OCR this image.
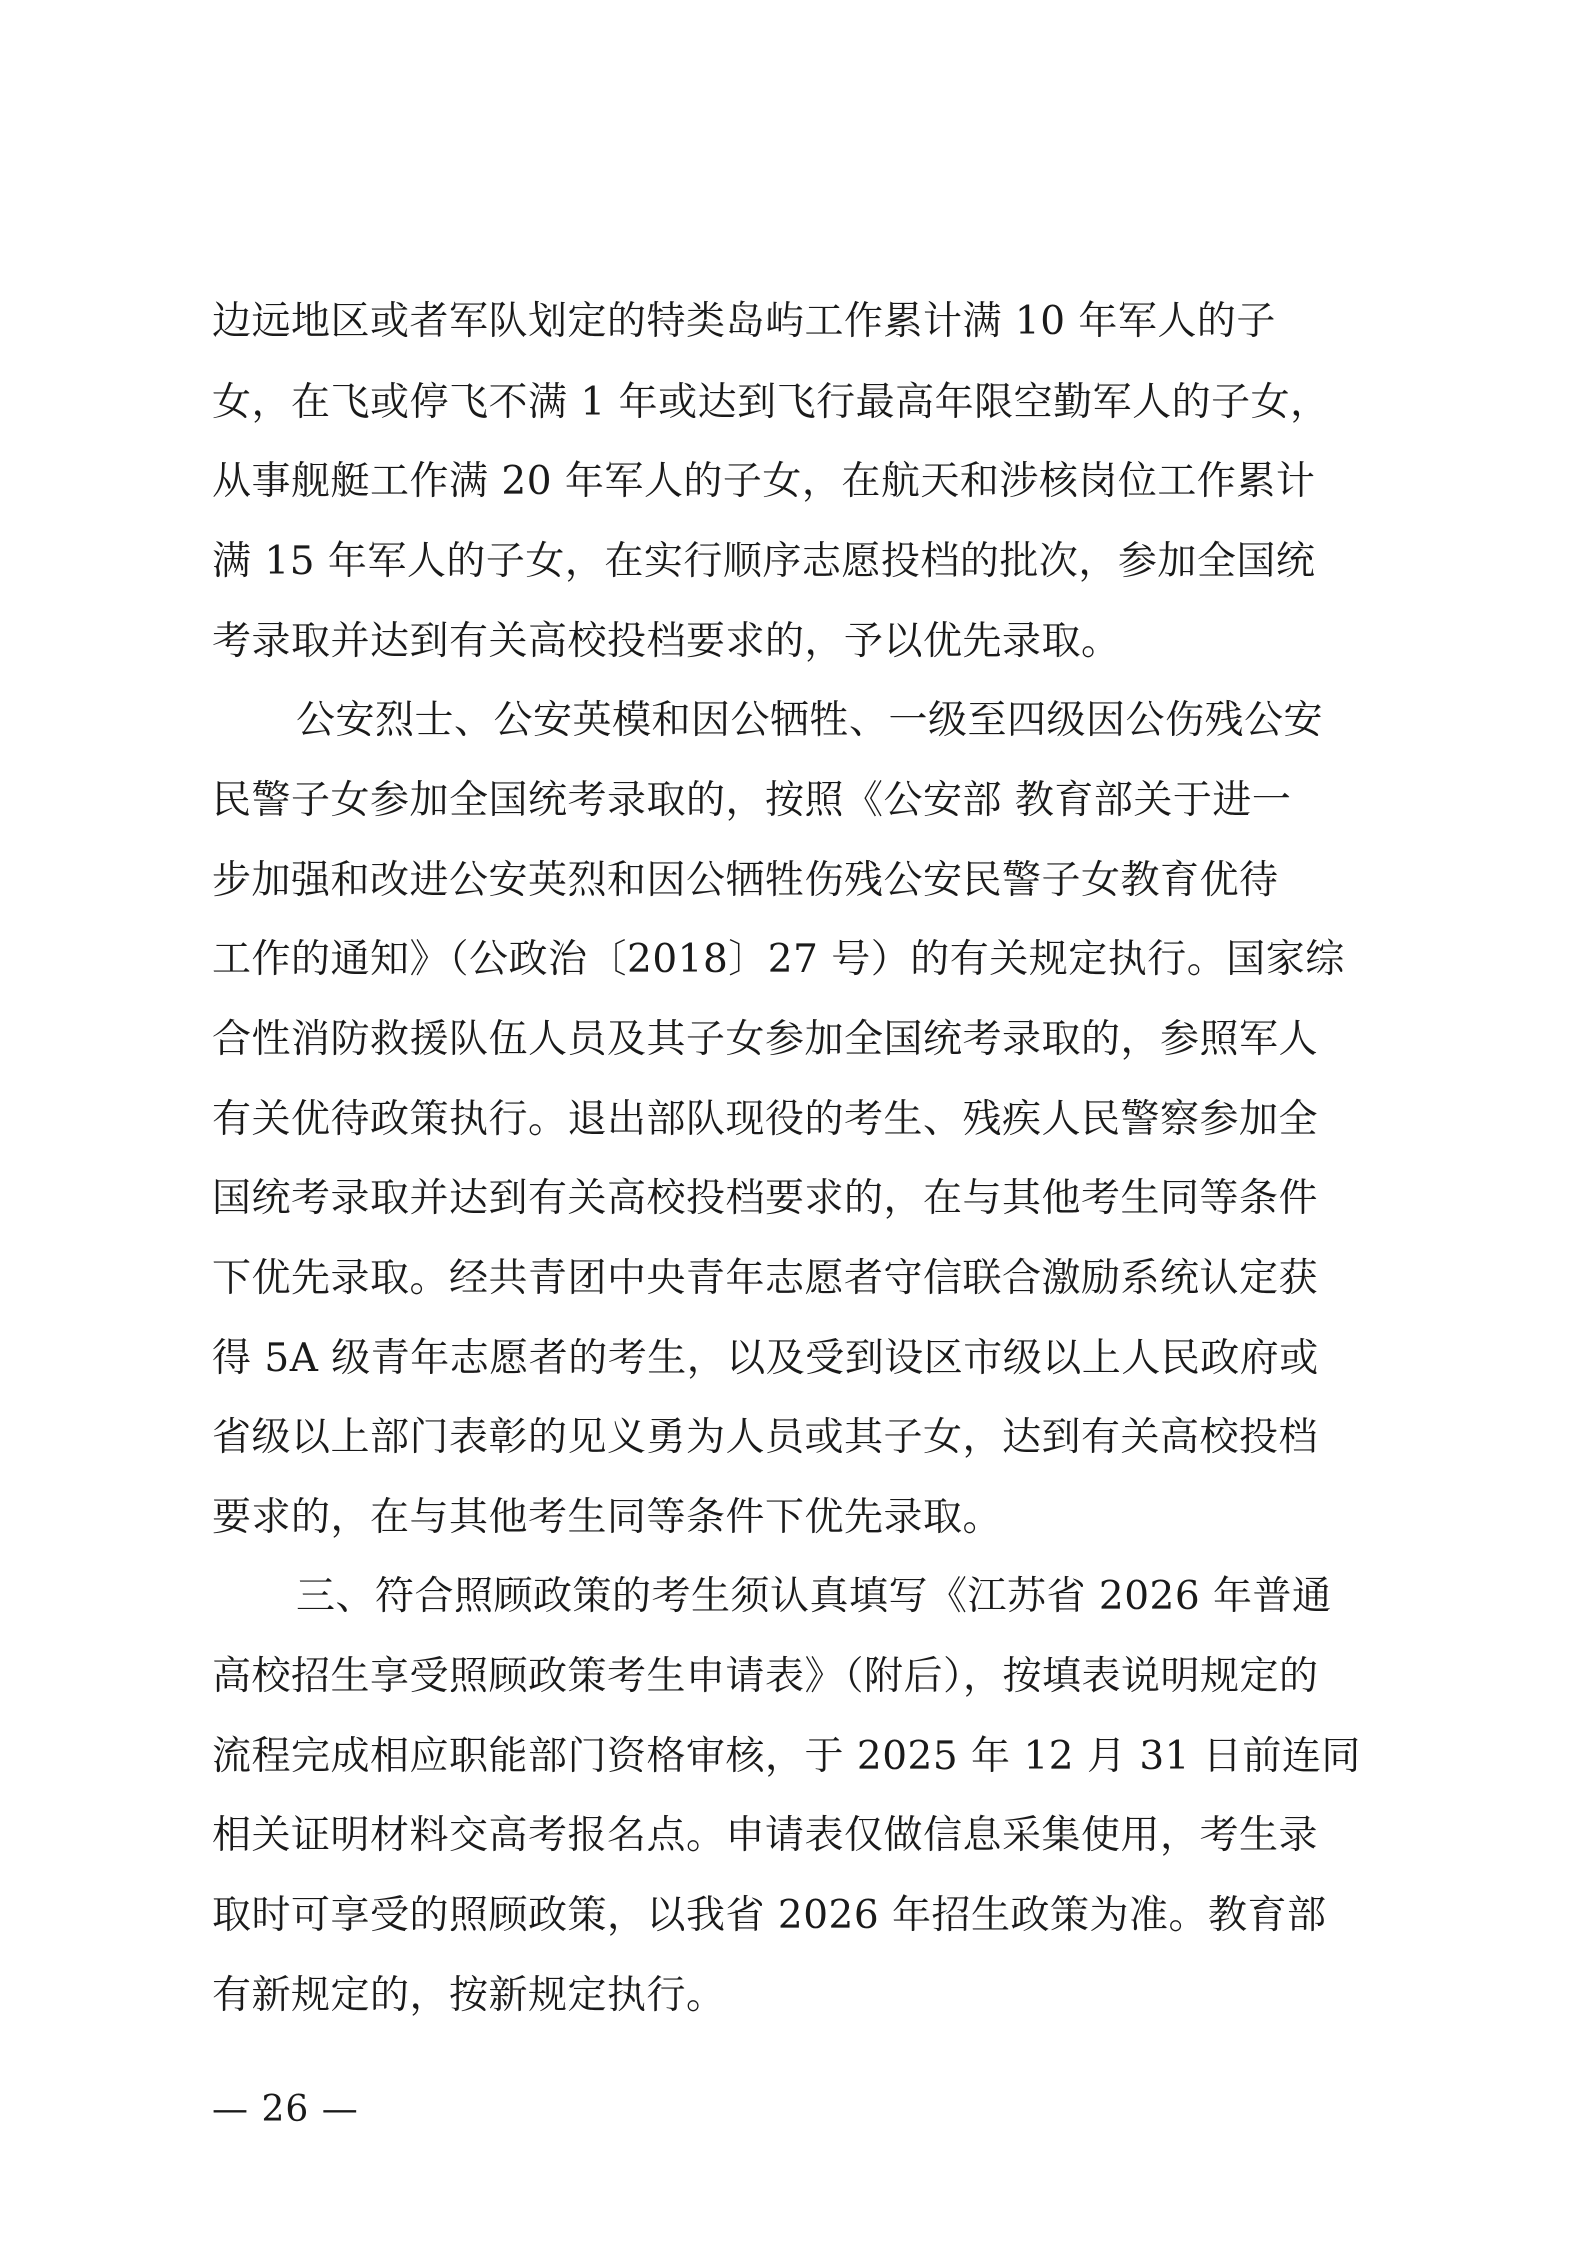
边远地区或者军队划定的特类岛屿工作累计满 10 年军人的子
女，在飞或停飞不满 1 年或达到飞行最高年限空勤军人的子女，
从事舰艇工作满 20 年军人的子女，在航天和涉核岗位工作累计
满 15 年军人的子女，在实行顺序志愿投档的批次，参加全国统
考录取并达到有关高校投档要求的，予以优先录取。
公安烈士、公安英模和因公牺牲、一级至四级因公伤残公安
民警子女参加全国统考录取的，按照《公安部 教育部关于进一
步加强和改进公安英烈和因公牺牲伤残公安民警子女教育优待
工作的通知》（公政治〔2018〕27 号）的有关规定执行。国家综
合性消防救援队伍人员及其子女参加全国统考录取的，参照军人
有关优待政策执行。退出部队现役的考生、残疾人民警察参加全
国统考录取并达到有关高校投档要求的，在与其他考生同等条件
下优先录取。经共青团中央青年志愿者守信联合激励系统认定获
得 5A 级青年志愿者的考生，以及受到设区市级以上人民政府或
省级以上部门表彰的见义勇为人员或其子女，达到有关高校投档
要求的，在与其他考生同等条件下优先录取。
三、符合照顾政策的考生须认真填写《江苏省 2026 年普通
高校招生享受照顾政策考生申请表》（附后），按填表说明规定的
流程完成相应职能部门资格审核，于 2025 年 12 月 31 日前连同
相关证明材料交高考报名点。申请表仅做信息采集使用，考生录
取时可享受的照顾政策，以我省 2026 年招生政策为准。教育部
有新规定的，按新规定执行。
— 26 —
